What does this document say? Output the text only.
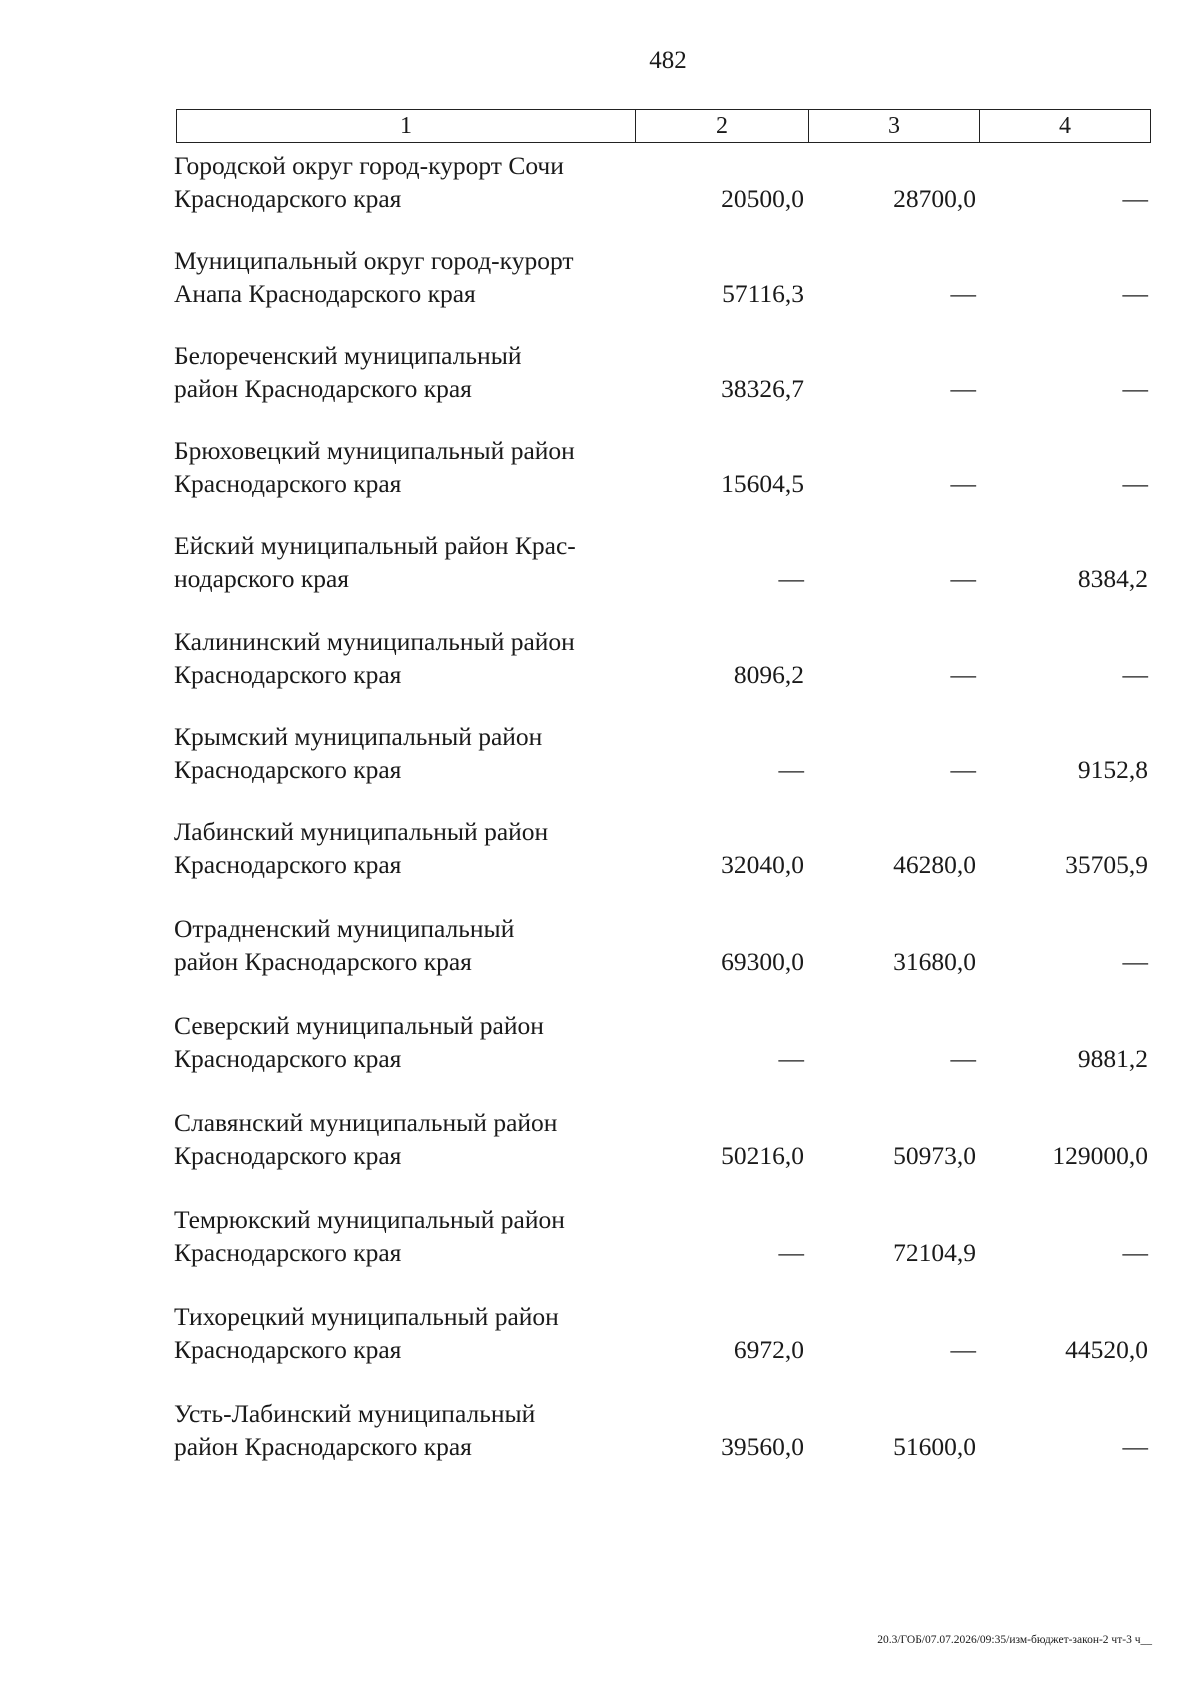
482
1	2	3	4
Городской округ город-курорт Сочи
Краснодарского края	20500,0	28700,0	—
Муниципальный округ город-курорт
Анапа Краснодарского края	57116,3	—	—
Белореченский муниципальный
район Краснодарского края	38326,7	—	—
Брюховецкий муниципальный район
Краснодарского края	15604,5	—	—
Ейский муниципальный район Крас-
нодарского края	—	—	8384,2
Калининский муниципальный район
Краснодарского края	8096,2	—	—
Крымский муниципальный район
Краснодарского края	—	—	9152,8
Лабинский муниципальный район
Краснодарского края	32040,0	46280,0	35705,9
Отрадненский муниципальный
район Краснодарского края	69300,0	31680,0	—
Северский муниципальный район
Краснодарского края	—	—	9881,2
Славянский муниципальный район
Краснодарского края	50216,0	50973,0	129000,0
Темрюкский муниципальный район
Краснодарского края	—	72104,9	—
Тихорецкий муниципальный район
Краснодарского края	6972,0	—	44520,0
Усть-Лабинский муниципальный
район Краснодарского края	39560,0	51600,0	—
20.3/ГОБ/07.07.2026/09:35/изм-бюджет-закон-2 чт-3 ч__
